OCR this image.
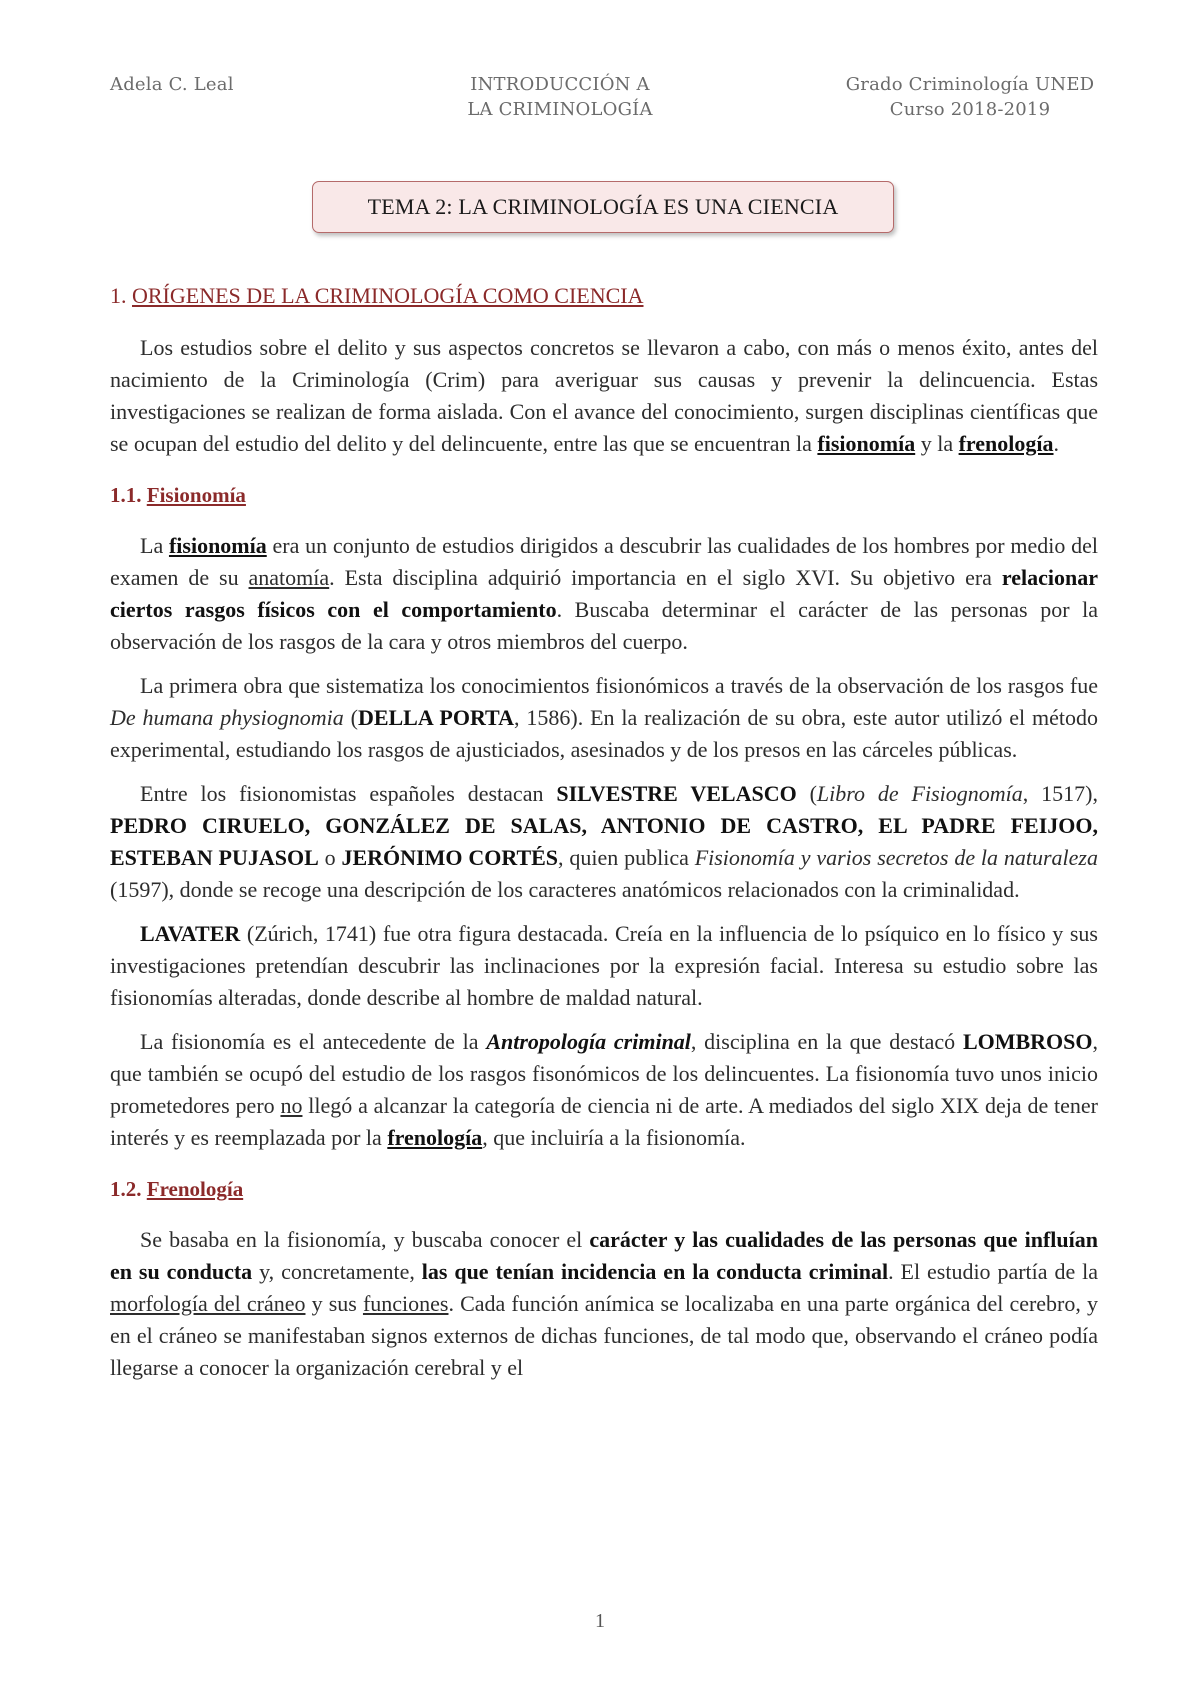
Adela C. Leal	INTRODUCCIÓN A
LA CRIMINOLOGÍA
Grado Criminología UNED
Curso 2018-2019
TEMA 2: LA CRIMINOLOGÍA ES UNA CIENCIA
1. ORÍGENES DE LA CRIMINOLOGÍA COMO CIENCIA

Los estudios sobre el delito y sus aspectos concretos se llevaron a cabo, con más o menos éxito, antes del nacimiento de la Criminología (Crim) para averiguar sus causas y prevenir la delincuencia. Estas investigaciones se realizan de forma aislada. Con el avance del conocimiento, surgen disciplinas científicas que se ocupan del estudio del delito y del delincuente, entre las que se encuentran la fisionomía y la frenología.

1.1. Fisionomía

La fisionomía era un conjunto de estudios dirigidos a descubrir las cualidades de los hombres por medio del examen de su anatomía. Esta disciplina adquirió importancia en el siglo XVI. Su objetivo era relacionar ciertos rasgos físicos con el comportamiento. Buscaba determinar el carácter de las personas por la observación de los rasgos de la cara y otros miembros del cuerpo.

La primera obra que sistematiza los conocimientos fisionómicos a través de la observación de los rasgos fue De humana physiognomia (DELLA PORTA, 1586). En la realización de su obra, este autor utilizó el método experimental, estudiando los rasgos de ajusticiados, asesinados y de los presos en las cárceles públicas.

Entre los fisionomistas españoles destacan SILVESTRE VELASCO (Libro de Fisiognomía, 1517), PEDRO CIRUELO, GONZÁLEZ DE SALAS, ANTONIO DE CASTRO, EL PADRE FEIJOO, ESTEBAN PUJASOL o JERÓNIMO CORTÉS, quien publica Fisionomía y varios secretos de la naturaleza (1597), donde se recoge una descripción de los caracteres anatómicos relacionados con la criminalidad.

LAVATER (Zúrich, 1741) fue otra figura destacada. Creía en la influencia de lo psíquico en lo físico y sus investigaciones pretendían descubrir las inclinaciones por la expresión facial. Interesa su estudio sobre las fisionomías alteradas, donde describe al hombre de maldad natural.

La fisionomía es el antecedente de la Antropología criminal, disciplina en la que destacó LOMBROSO, que también se ocupó del estudio de los rasgos fisonómicos de los delincuentes. La fisionomía tuvo unos inicio prometedores pero no llegó a alcanzar la categoría de ciencia ni de arte. A mediados del siglo XIX deja de tener interés y es reemplazada por la frenología, que incluiría a la fisionomía.

1.2. Frenología

Se basaba en la fisionomía, y buscaba conocer el carácter y las cualidades de las personas que influían en su conducta y, concretamente, las que tenían incidencia en la conducta criminal. El estudio partía de la morfología del cráneo y sus funciones. Cada función anímica se localizaba en una parte orgánica del cerebro, y en el cráneo se manifestaban signos externos de dichas funciones, de tal modo que, observando el cráneo podía llegarse a conocer la organización cerebral y el

1
